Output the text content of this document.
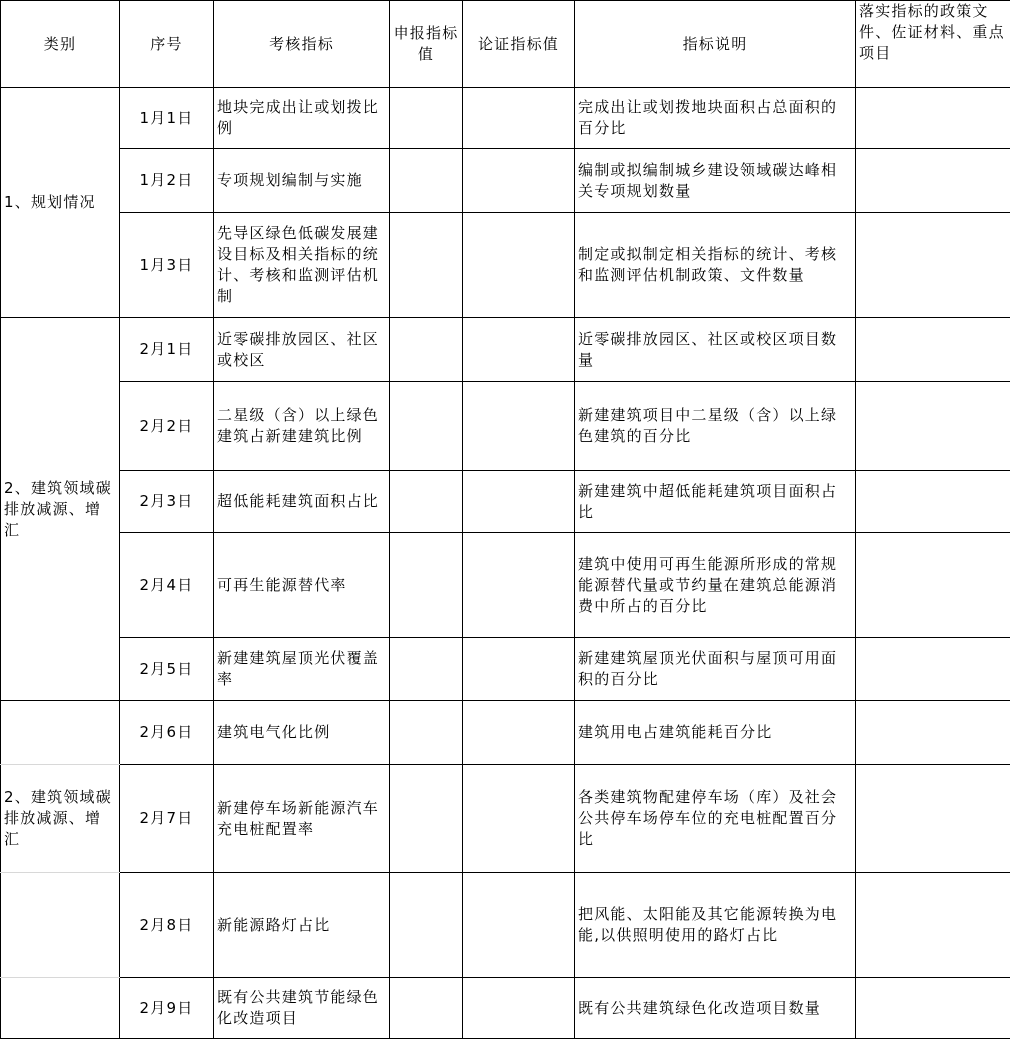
类别	序号	考核指标	申报指标值	论证指标值	指标说明	落实指标的政策文件、佐证材料、重点项目
1、规划情况	1月1日	地块完成出让或划拨比例			完成出让或划拨地块面积占总面积的百分比	
	1月2日	专项规划编制与实施			编制或拟编制城乡建设领域碳达峰相关专项规划数量	
	1月3日	先导区绿色低碳发展建设目标及相关指标的统计、考核和监测评估机制			制定或拟制定相关指标的统计、考核和监测评估机制政策、文件数量	
2、建筑领域碳排放减源、增汇	2月1日	近零碳排放园区、社区或校区			近零碳排放园区、社区或校区项目数量	
	2月2日	二星级（含）以上绿色建筑占新建建筑比例			新建建筑项目中二星级（含）以上绿色建筑的百分比	
	2月3日	超低能耗建筑面积占比			新建建筑中超低能耗建筑项目面积占比	
	2月4日	可再生能源替代率			建筑中使用可再生能源所形成的常规能源替代量或节约量在建筑总能源消费中所占的百分比	
	2月5日	新建建筑屋顶光伏覆盖率			新建建筑屋顶光伏面积与屋顶可用面积的百分比	
	2月6日	建筑电气化比例			建筑用电占建筑能耗百分比	
2、建筑领域碳排放减源、增汇	2月7日	新建停车场新能源汽车充电桩配置率			各类建筑物配建停车场（库）及社会公共停车场停车位的充电桩配置百分比	
	2月8日	新能源路灯占比			把风能、太阳能及其它能源转换为电能,以供照明使用的路灯占比	
	2月9日	既有公共建筑节能绿色化改造项目			既有公共建筑绿色化改造项目数量	
